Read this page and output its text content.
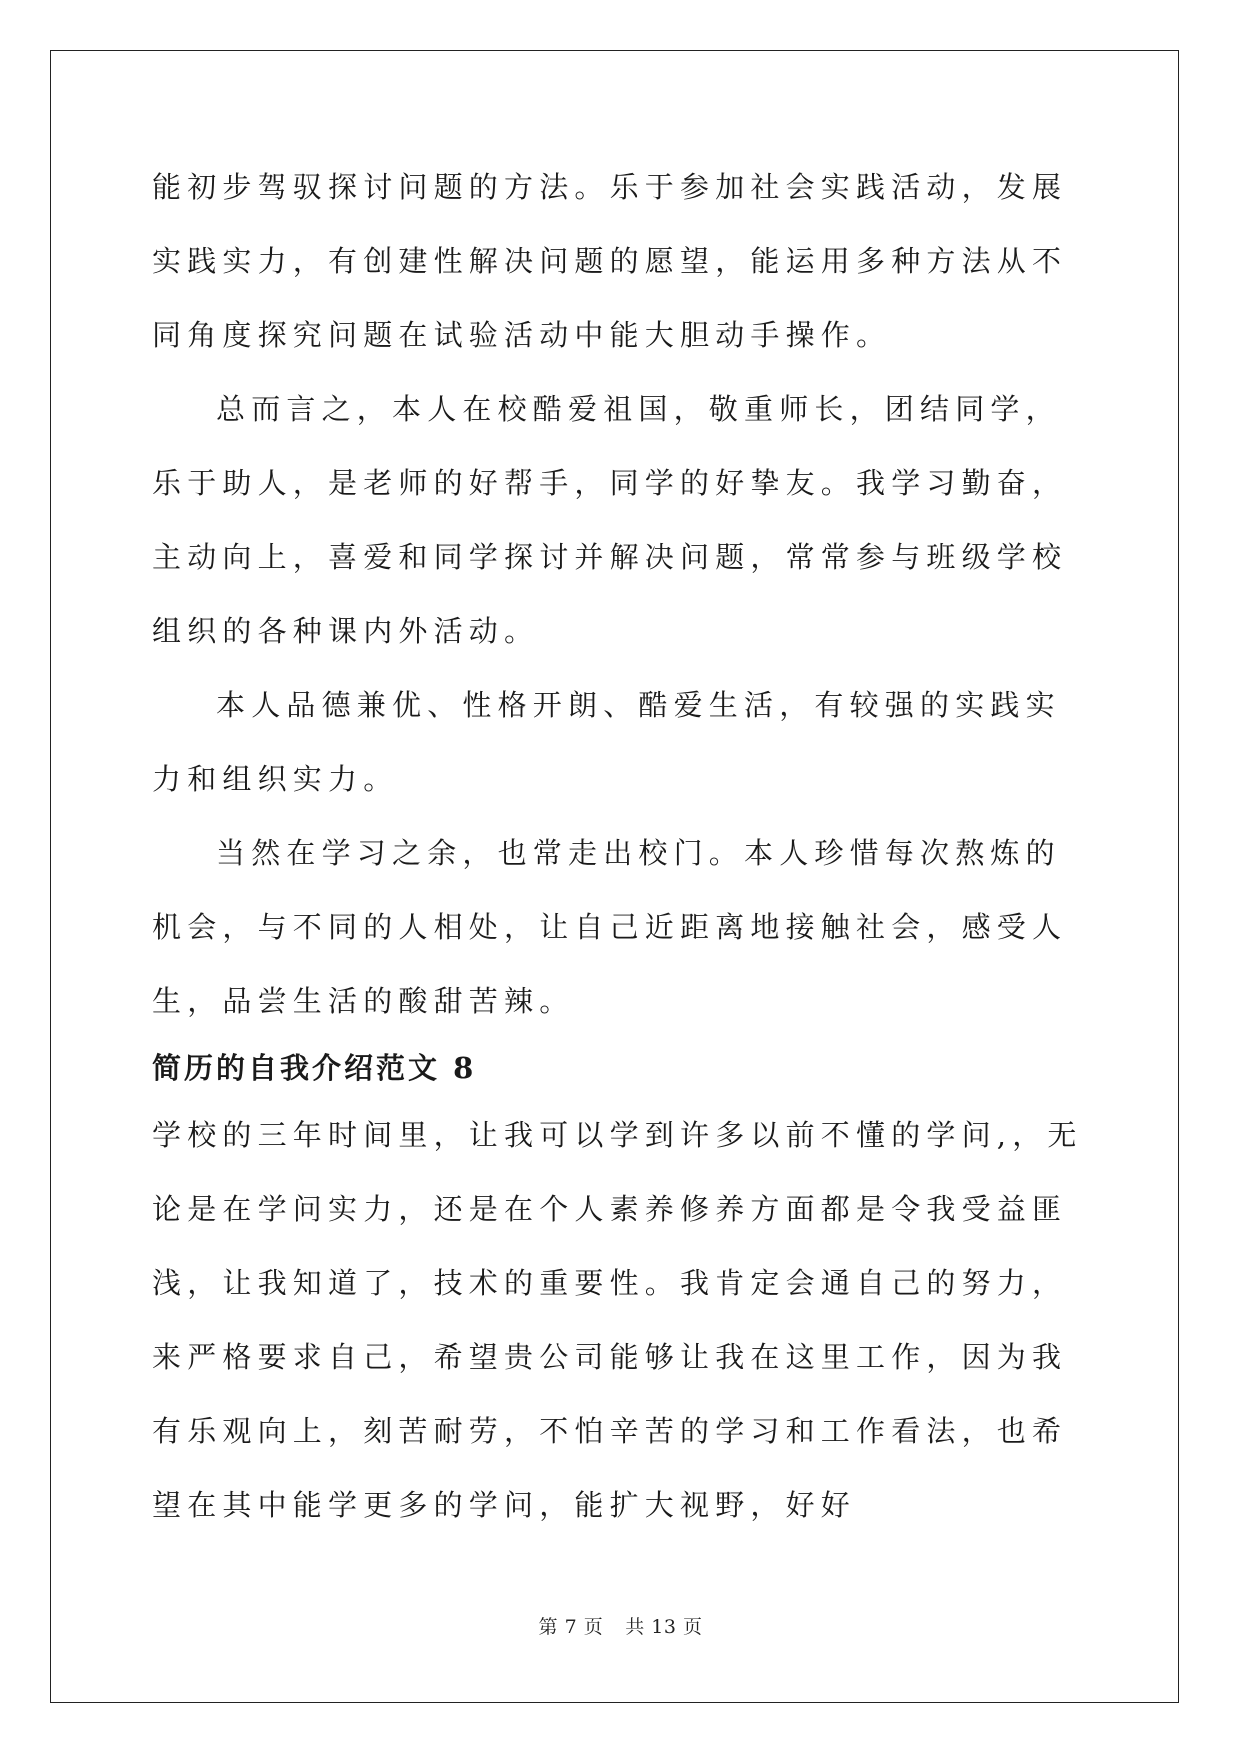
能初步驾驭探讨问题的方法。乐于参加社会实践活动，发展实践实力，有创建性解决问题的愿望，能运用多种方法从不同角度探究问题在试验活动中能大胆动手操作。

总而言之，本人在校酷爱祖国，敬重师长，团结同学，乐于助人，是老师的好帮手，同学的好挚友。我学习勤奋，主动向上，喜爱和同学探讨并解决问题，常常参与班级学校组织的各种课内外活动。

本人品德兼优、性格开朗、酷爱生活，有较强的实践实力和组织实力。

当然在学习之余，也常走出校门。本人珍惜每次熬炼的机会，与不同的人相处，让自己近距离地接触社会，感受人生，品尝生活的酸甜苦辣。

简历的自我介绍范文 8

学校的三年时间里，让我可以学到许多以前不懂的学问,，无论是在学问实力，还是在个人素养修养方面都是令我受益匪浅，让我知道了，技术的重要性。我肯定会通自己的努力，来严格要求自己，希望贵公司能够让我在这里工作，因为我有乐观向上，刻苦耐劳，不怕辛苦的学习和工作看法，也希望在其中能学更多的学问，能扩大视野，好好

第 7 页 共 13 页
